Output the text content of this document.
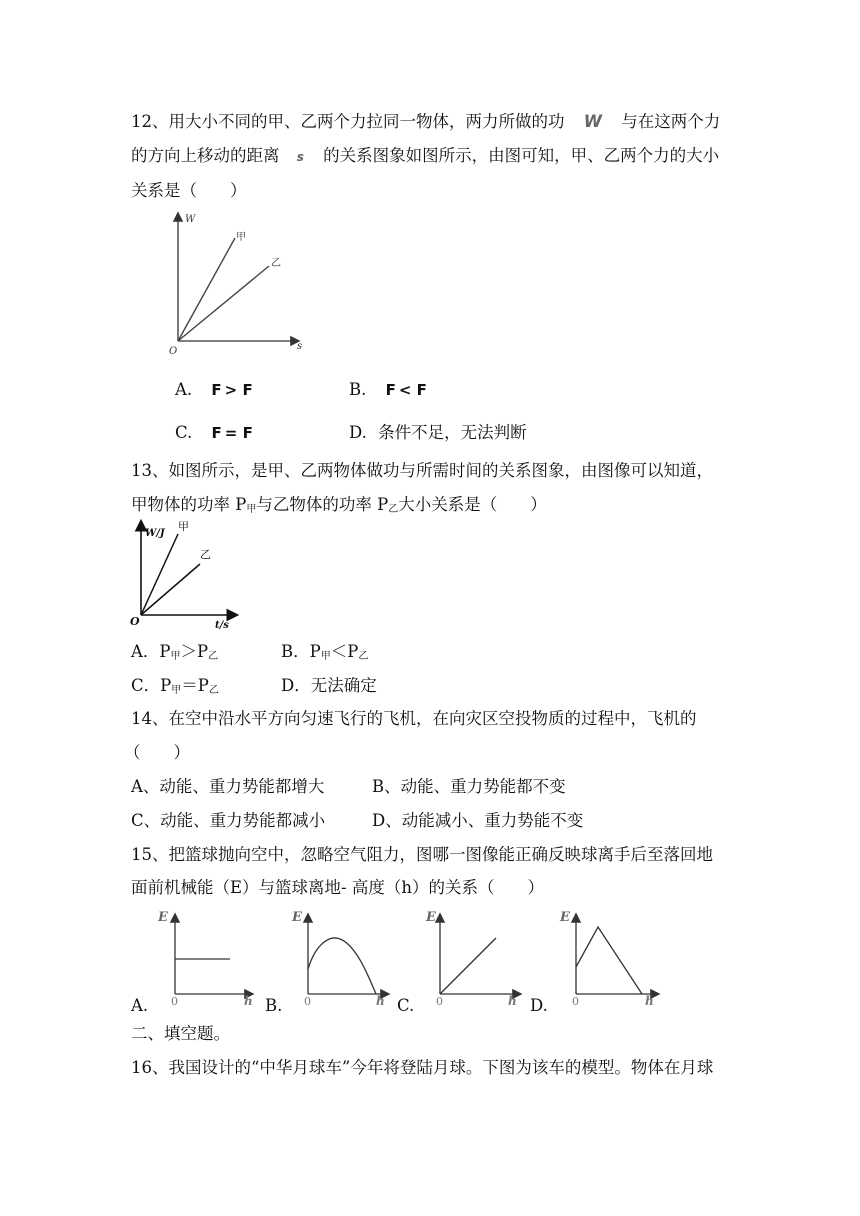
12、用大小不同的甲、乙两个力拉同一物体，两力所做的功 W 与在这两个力
的方向上移动的距离 s 的关系图象如图所示，由图可知，甲、乙两个力的大小
关系是（　　）
W
s
O
甲
乙
A. F > F	B. F < F
C. F = F	D. 条件不足，无法判断
13、如图所示，是甲、乙两物体做功与所需时间的关系图象，由图像可以知道，
甲物体的功率 $P_甲$与乙物体的功率 $P_乙$大小关系是（　　）
W/J
t/s
O
甲
乙
A．$P_甲>P_乙$	B．$P_甲<P_乙$
C．$P_甲=P_乙$	D．无法确定
14、在空中沿水平方向匀速飞行的飞机，在向灾区空投物质的过程中，飞机的
（　　）
A、动能、重力势能都增大	B、动能、重力势能都不变
C、动能、重力势能都减小	D、动能减小、重力势能不变
15、把篮球抛向空中，忽略空气阻力，图哪一图像能正确反映球离手后至落回地
面前机械能（E）与篮球离地- 高度（h）的关系（　　）
A.	B.	C.	D.
E
h
0
E
h
0
E
h
0
E
h
0
二、填空题。
16、我国设计的“中华月球车”今年将登陆月球。下图为该车的模型。物体在月球
